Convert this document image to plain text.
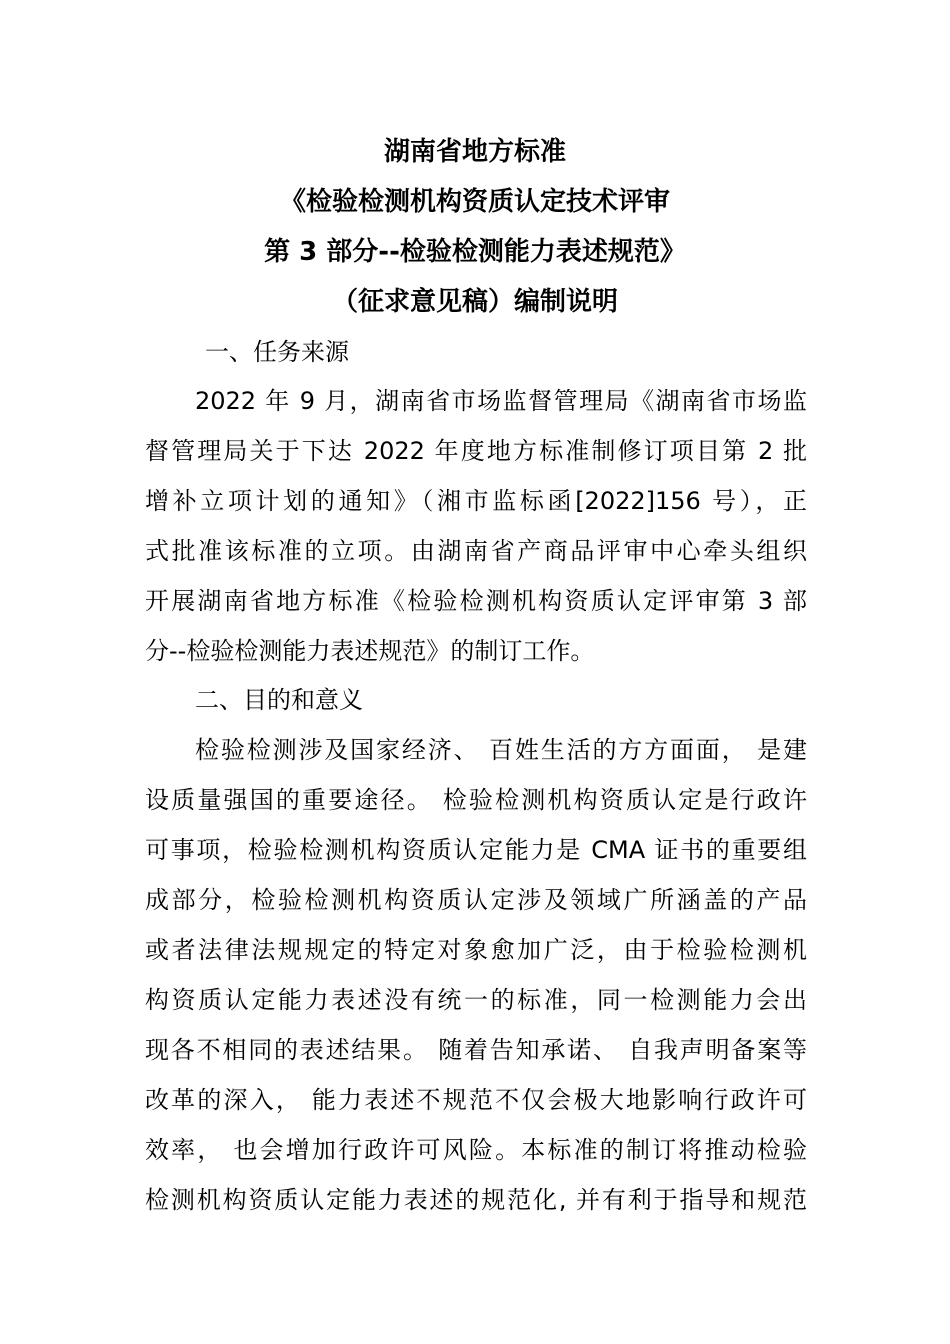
湖南省地方标准
《检验检测机构资质认定技术评审
第 3 部分--检验检测能力表述规范》
（征求意见稿）编制说明
一、任务来源
2022 年 9 月，湖南省市场监督管理局《湖南省市场监
督管理局关于下达 2022 年度地方标准制修订项目第 2 批
增补立项计划的通知》（湘市监标函[2022]156 号），正
式批准该标准的立项。由湖南省产商品评审中心牵头组织
开展湖南省地方标准《检验检测机构资质认定评审第 3 部
分--检验检测能力表述规范》的制订工作。
二、目的和意义
检验检测涉及国家经济、 百姓生活的方方面面， 是建
设质量强国的重要途径。 检验检测机构资质认定是行政许
可事项，检验检测机构资质认定能力是 CMA 证书的重要组
成部分，检验检测机构资质认定涉及领域广所涵盖的产品
或者法律法规规定的特定对象愈加广泛，由于检验检测机
构资质认定能力表述没有统一的标准，同一检测能力会出
现各不相同的表述结果。 随着告知承诺、 自我声明备案等
改革的深入， 能力表述不规范不仅会极大地影响行政许可
效率， 也会增加行政许可风险。本标准的制订将推动检验
检测机构资质认定能力表述的规范化, 并有利于指导和规范
